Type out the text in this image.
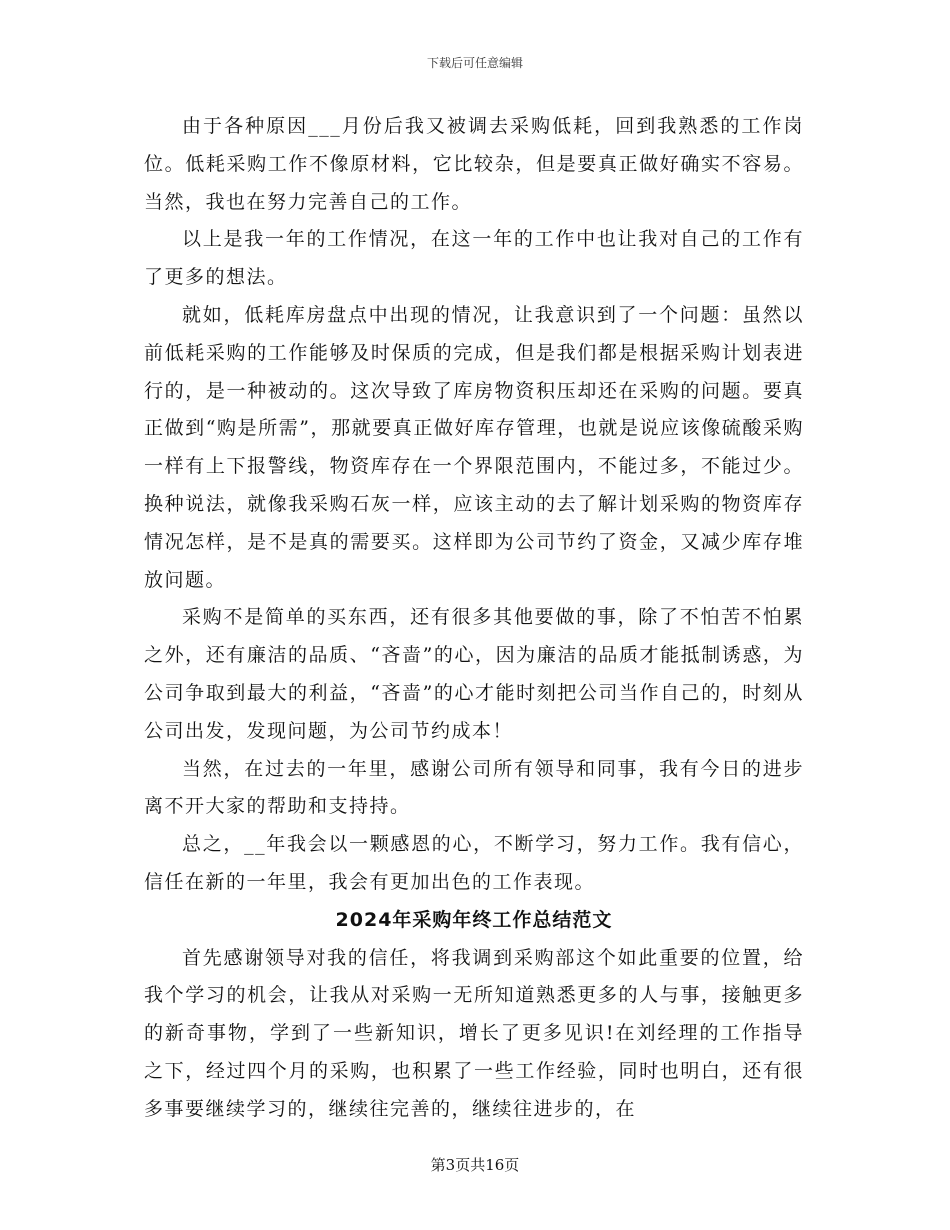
下载后可任意编辑

由于各种原因___月份后我又被调去采购低耗，回到我熟悉的工作岗位。低耗采购工作不像原材料，它比较杂，但是要真正做好确实不容易。当然，我也在努力完善自己的工作。

以上是我一年的工作情况，在这一年的工作中也让我对自己的工作有了更多的想法。

就如，低耗库房盘点中出现的情况，让我意识到了一个问题：虽然以前低耗采购的工作能够及时保质的完成，但是我们都是根据采购计划表进行的，是一种被动的。这次导致了库房物资积压却还在采购的问题。要真正做到“购是所需”，那就要真正做好库存管理，也就是说应该像硫酸采购一样有上下报警线，物资库存在一个界限范围内，不能过多，不能过少。换种说法，就像我采购石灰一样，应该主动的去了解计划采购的物资库存情况怎样，是不是真的需要买。这样即为公司节约了资金，又减少库存堆放问题。

采购不是简单的买东西，还有很多其他要做的事，除了不怕苦不怕累之外，还有廉洁的品质、“吝啬”的心，因为廉洁的品质才能抵制诱惑，为公司争取到最大的利益，“吝啬”的心才能时刻把公司当作自己的，时刻从公司出发，发现问题，为公司节约成本！

当然，在过去的一年里，感谢公司所有领导和同事，我有今日的进步离不开大家的帮助和支持持。

总之，__年我会以一颗感恩的心，不断学习，努力工作。我有信心，信任在新的一年里，我会有更加出色的工作表现。

2024年采购年终工作总结范文

首先感谢领导对我的信任，将我调到采购部这个如此重要的位置，给我个学习的机会，让我从对采购一无所知道熟悉更多的人与事，接触更多的新奇事物，学到了一些新知识，增长了更多见识!在刘经理的工作指导之下，经过四个月的采购，也积累了一些工作经验，同时也明白，还有很多事要继续学习的，继续往完善的，继续往进步的，在

第3页共16页
